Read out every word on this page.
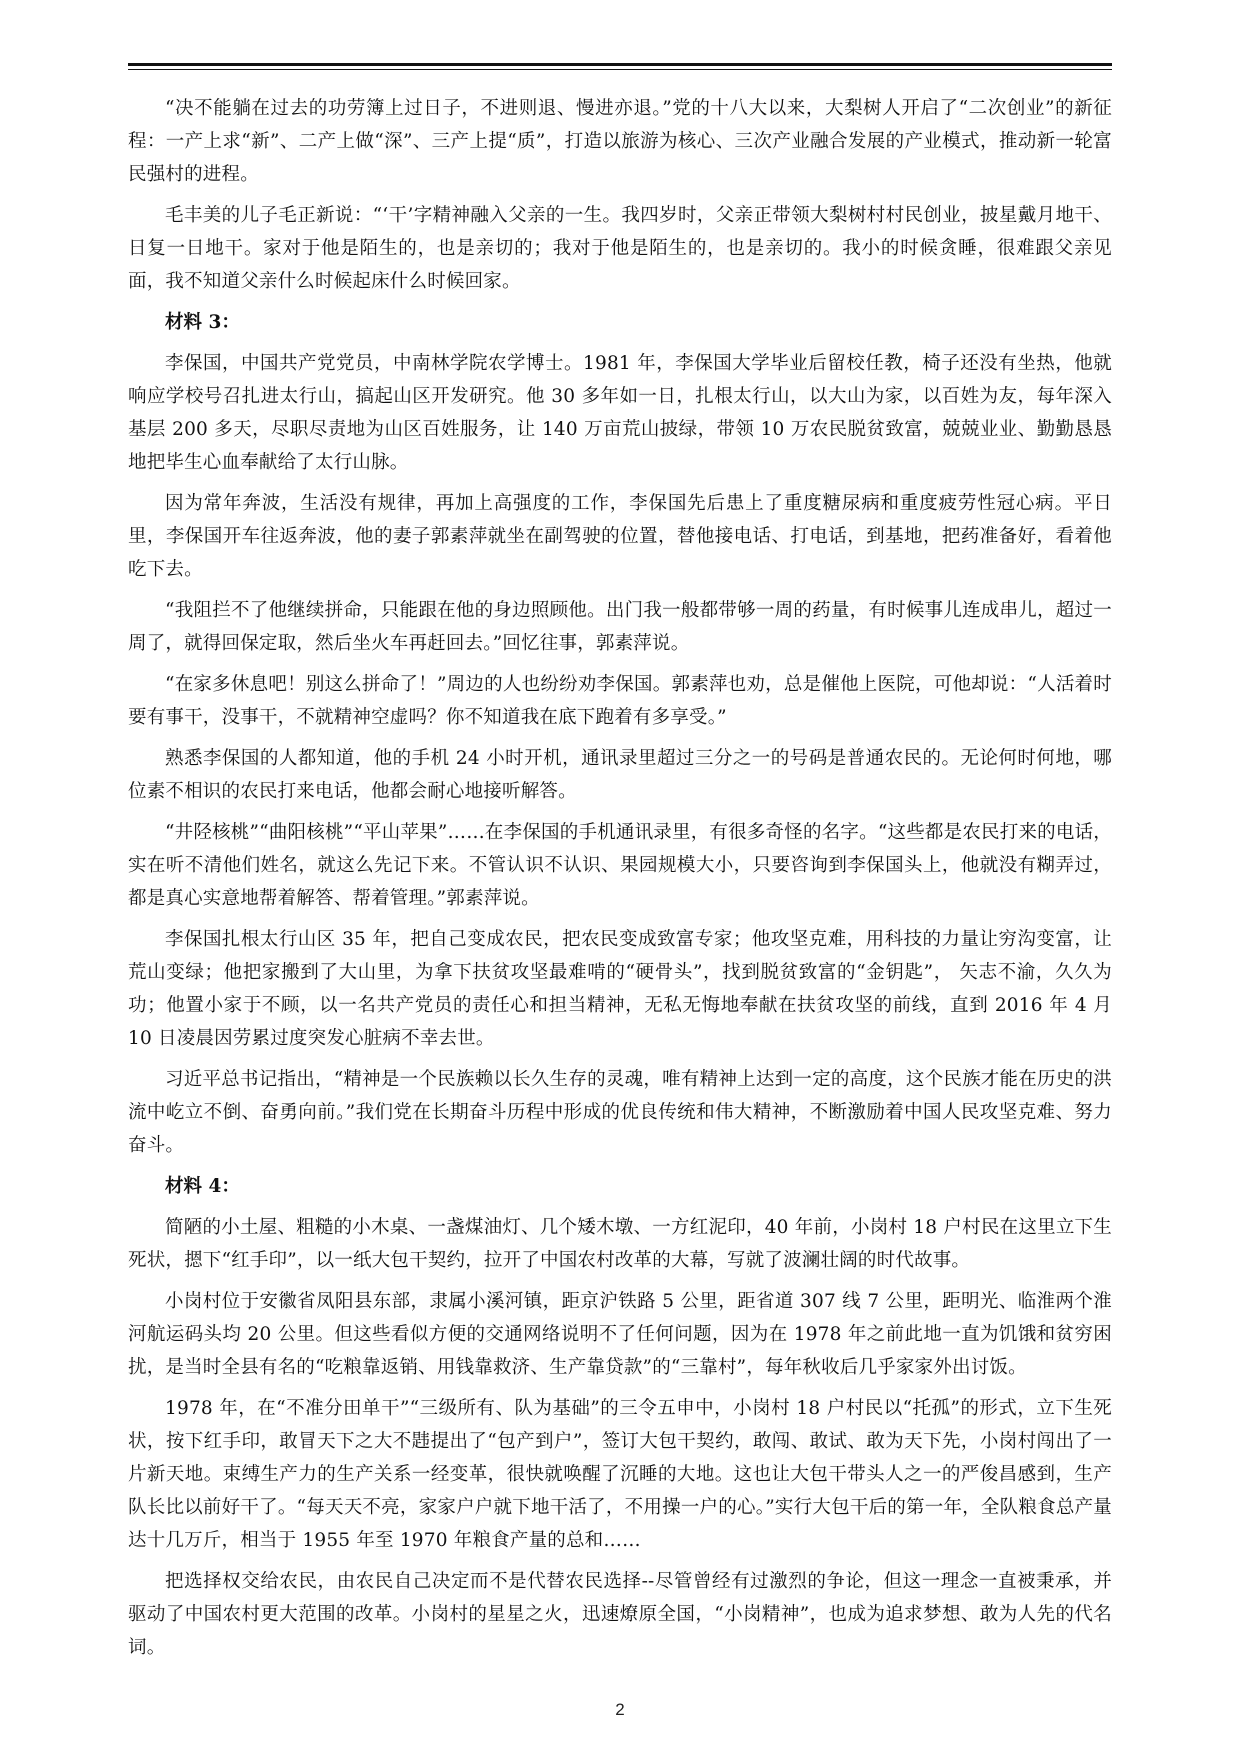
“决不能躺在过去的功劳簿上过日子，不进则退、慢进亦退。”党的十八大以来，大梨树人开启了“二次创业”的新征程：一产上求“新”、二产上做“深”、三产上提“质”，打造以旅游为核心、三次产业融合发展的产业模式，推动新一轮富民强村的进程。

毛丰美的儿子毛正新说：“‘干’字精神融入父亲的一生。我四岁时，父亲正带领大梨树村村民创业，披星戴月地干、日复一日地干。家对于他是陌生的，也是亲切的；我对于他是陌生的，也是亲切的。我小的时候贪睡，很难跟父亲见面，我不知道父亲什么时候起床什么时候回家。

材料 3：

李保国，中国共产党党员，中南林学院农学博士。1981 年，李保国大学毕业后留校任教，椅子还没有坐热，他就响应学校号召扎进太行山，搞起山区开发研究。他 30 多年如一日，扎根太行山，以大山为家，以百姓为友，每年深入基层 200 多天，尽职尽责地为山区百姓服务，让 140 万亩荒山披绿，带领 10 万农民脱贫致富，兢兢业业、勤勤恳恳地把毕生心血奉献给了太行山脉。

因为常年奔波，生活没有规律，再加上高强度的工作，李保国先后患上了重度糖尿病和重度疲劳性冠心病。平日里，李保国开车往返奔波，他的妻子郭素萍就坐在副驾驶的位置，替他接电话、打电话，到基地，把药准备好，看着他吃下去。

“我阻拦不了他继续拼命，只能跟在他的身边照顾他。出门我一般都带够一周的药量，有时候事儿连成串儿，超过一周了，就得回保定取，然后坐火车再赶回去。”回忆往事，郭素萍说。

“在家多休息吧！别这么拼命了！”周边的人也纷纷劝李保国。郭素萍也劝，总是催他上医院，可他却说：“人活着时要有事干，没事干，不就精神空虚吗？你不知道我在底下跑着有多享受。”

熟悉李保国的人都知道，他的手机 24 小时开机，通讯录里超过三分之一的号码是普通农民的。无论何时何地，哪位素不相识的农民打来电话，他都会耐心地接听解答。

“井陉核桃”“曲阳核桃”“平山苹果”……在李保国的手机通讯录里，有很多奇怪的名字。“这些都是农民打来的电话，实在听不清他们姓名，就这么先记下来。不管认识不认识、果园规模大小，只要咨询到李保国头上，他就没有糊弄过，都是真心实意地帮着解答、帮着管理。”郭素萍说。

李保国扎根太行山区 35 年，把自己变成农民，把农民变成致富专家；他攻坚克难，用科技的力量让穷沟变富，让荒山变绿；他把家搬到了大山里，为拿下扶贫攻坚最难啃的“硬骨头”，找到脱贫致富的“金钥匙”， 矢志不渝，久久为功；他置小家于不顾，以一名共产党员的责任心和担当精神，无私无悔地奉献在扶贫攻坚的前线，直到 2016 年 4 月 10 日凌晨因劳累过度突发心脏病不幸去世。

习近平总书记指出，“精神是一个民族赖以长久生存的灵魂，唯有精神上达到一定的高度，这个民族才能在历史的洪流中屹立不倒、奋勇向前。”我们党在长期奋斗历程中形成的优良传统和伟大精神，不断激励着中国人民攻坚克难、努力奋斗。

材料 4：

简陋的小土屋、粗糙的小木桌、一盏煤油灯、几个矮木墩、一方红泥印，40 年前，小岗村 18 户村民在这里立下生死状，摁下“红手印”，以一纸大包干契约，拉开了中国农村改革的大幕，写就了波澜壮阔的时代故事。

小岗村位于安徽省凤阳县东部，隶属小溪河镇，距京沪铁路 5 公里，距省道 307 线 7 公里，距明光、临淮两个淮河航运码头均 20 公里。但这些看似方便的交通网络说明不了任何问题，因为在 1978 年之前此地一直为饥饿和贫穷困扰，是当时全县有名的“吃粮靠返销、用钱靠救济、生产靠贷款”的“三靠村”，每年秋收后几乎家家外出讨饭。

1978 年，在“不准分田单干”“三级所有、队为基础”的三令五申中，小岗村 18 户村民以“托孤”的形式，立下生死状，按下红手印，敢冒天下之大不韪提出了“包产到户”，签订大包干契约，敢闯、敢试、敢为天下先，小岗村闯出了一片新天地。束缚生产力的生产关系一经变革，很快就唤醒了沉睡的大地。这也让大包干带头人之一的严俊昌感到，生产队长比以前好干了。“每天天不亮，家家户户就下地干活了，不用操一户的心。”实行大包干后的第一年，全队粮食总产量达十几万斤，相当于 1955 年至 1970 年粮食产量的总和……

把选择权交给农民，由农民自己决定而不是代替农民选择--尽管曾经有过激烈的争论，但这一理念一直被秉承，并驱动了中国农村更大范围的改革。小岗村的星星之火，迅速燎原全国，“小岗精神”，也成为追求梦想、敢为人先的代名词。

2
